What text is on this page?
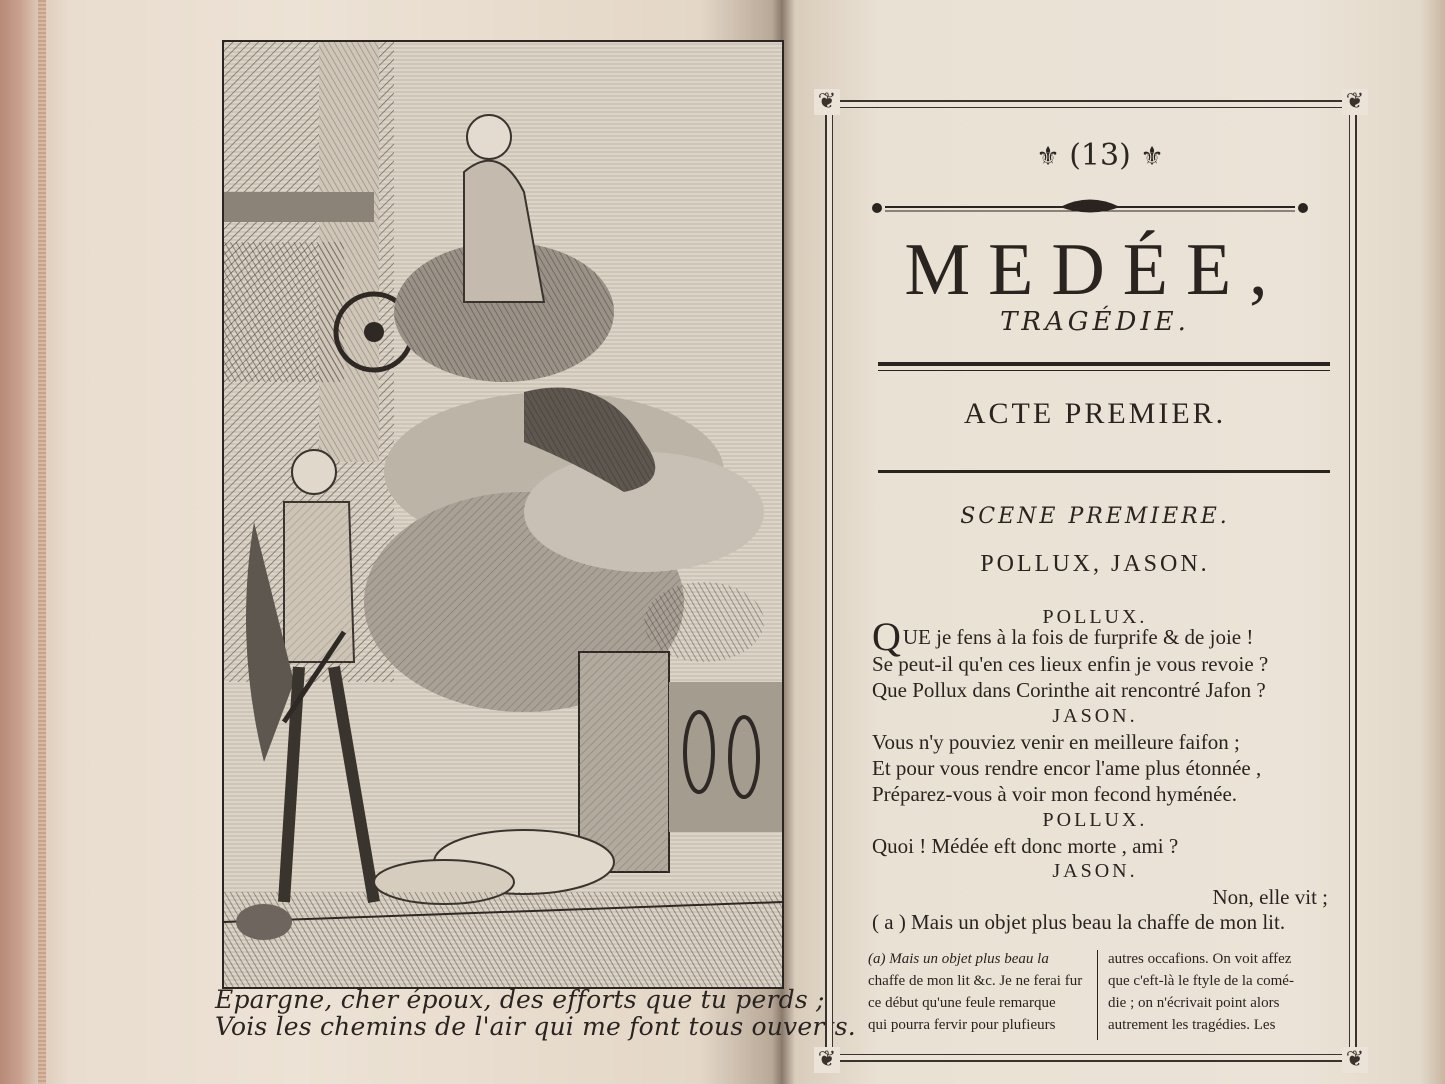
Epargne, cher époux, des efforts que tu perds ;
Vois les chemins de l'air qui me font tous ouverts.
❦	❦
❦	❦
⚜ (13) ⚜
MEDÉE,
TRAGÉDIE.
ACTE PREMIER.
SCENE PREMIERE.
POLLUX, JASON.
POLLUX.
QUE je fens à la fois de furprife & de joie !
Se peut-il qu'en ces lieux enfin je vous revoie ?
Que Pollux dans Corinthe ait rencontré Jafon ?
JASON.
Vous n'y pouviez venir en meilleure faifon ;
Et pour vous rendre encor l'ame plus étonnée ,
Préparez-vous à voir mon fecond hyménée.
POLLUX.
Quoi ! Médée eft donc morte , ami ?
JASON.
Non, elle vit ;
( a ) Mais un objet plus beau la chaffe de mon lit.
(a) Mais un objet plus beau la
chaffe de mon lit &c. Je ne ferai fur
ce début qu'une feule remarque
qui pourra fervir pour plufieurs
autres occafions. On voit affez
que c'eft-là le ftyle de la comé-
die ; on n'écrivait point alors
autrement les tragédies. Les
